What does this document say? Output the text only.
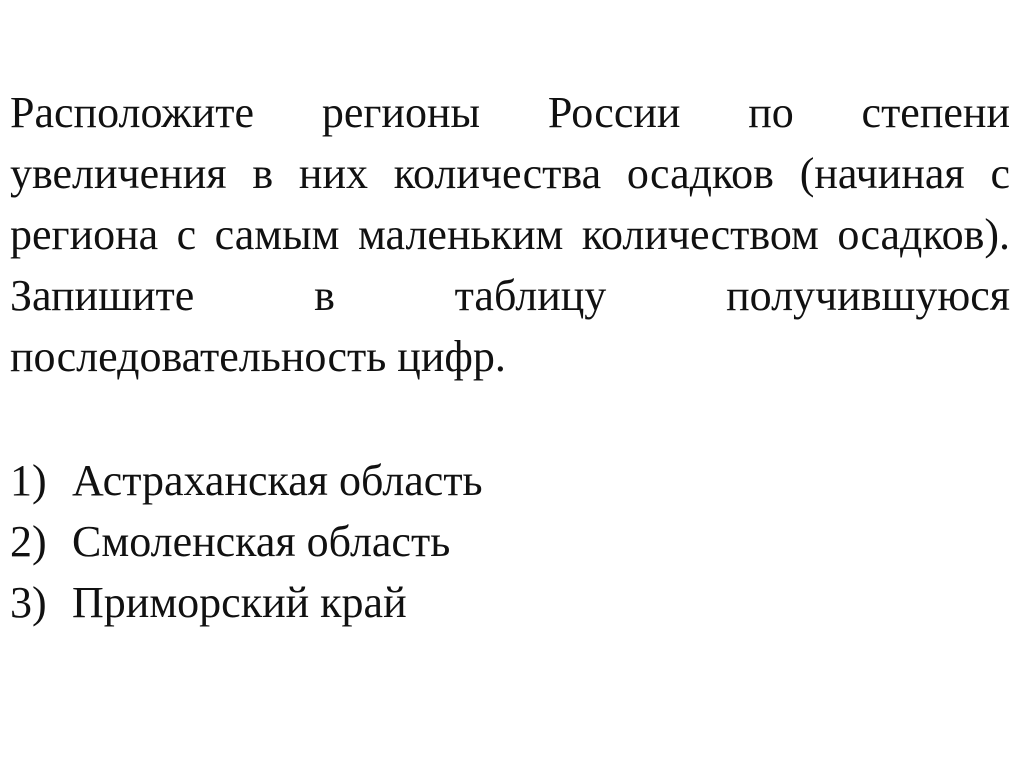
Расположите регионы России по степени увеличения в них количества осадков (начиная с региона с самым маленьким количеством осадков). Запишите в таблицу получившуюся последовательность цифр.

1) Астраханская область
2) Смоленская область
3) Приморский край
